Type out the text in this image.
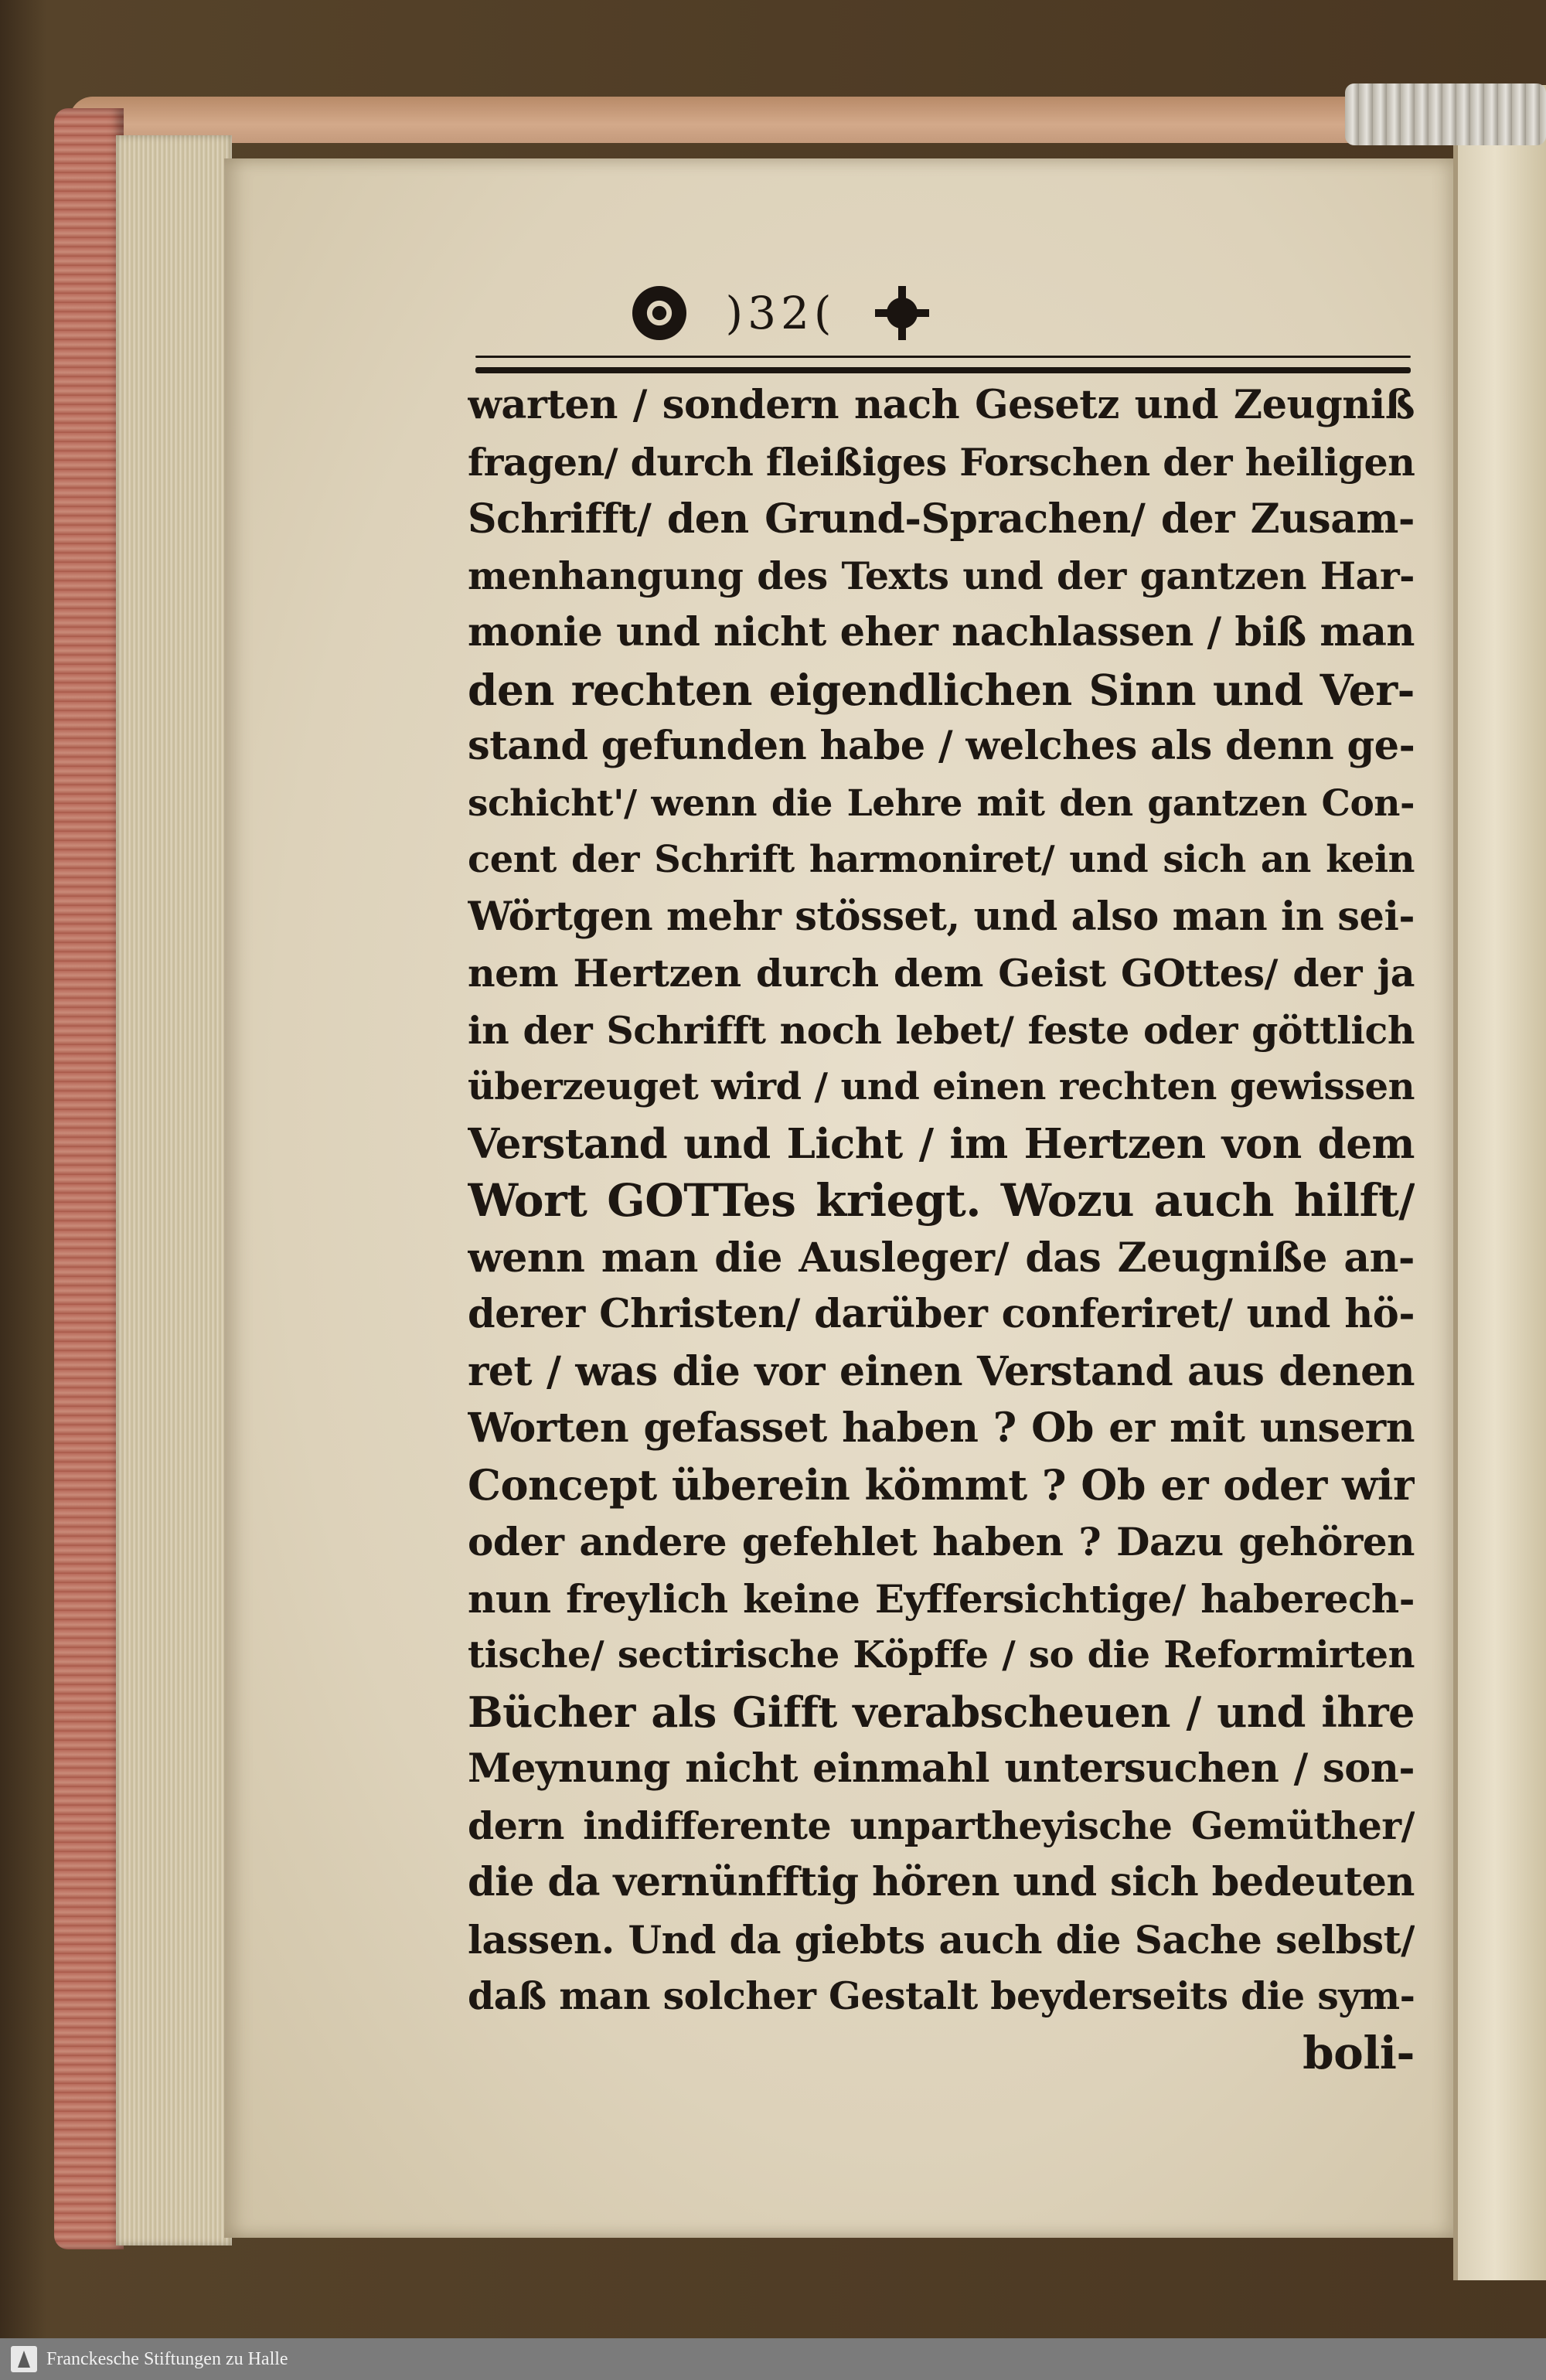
)32(
warten / sondern nach Gesetz und Zeugniß
fragen/ durch fleißiges Forschen der heiligen
Schrifft/ den Grund-Sprachen/ der Zusam-
menhangung des Texts und der gantzen Har-
monie und nicht eher nachlassen / biß man
den rechten eigendlichen Sinn und Ver-
stand gefunden habe / welches als denn ge-
schicht'/ wenn die Lehre mit den gantzen Con-
cent der Schrift harmoniret/ und sich an kein
Wörtgen mehr stösset, und also man in sei-
nem Hertzen durch dem Geist GOttes/ der ja
in der Schrifft noch lebet/ feste oder göttlich
überzeuget wird / und einen rechten gewissen
Verstand und Licht / im Hertzen von dem
Wort GOTTes kriegt. Wozu auch hilft/
wenn man die Ausleger/ das Zeugniße an-
derer Christen/ darüber conferiret/ und hö-
ret / was die vor einen Verstand aus denen
Worten gefasset haben ? Ob er mit unsern
Concept überein kömmt ? Ob er oder wir
oder andere gefehlet haben ? Dazu gehören
nun freylich keine Eyffersichtige/ haberech-
tische/ sectirische Köpffe / so die Reformirten
Bücher als Gifft verabscheuen / und ihre
Meynung nicht einmahl untersuchen / son-
dern indifferente unpartheyische Gemüther/
die da vernünfftig hören und sich bedeuten
lassen. Und da giebts auch die Sache selbst/
daß man solcher Gestalt beyderseits die sym-
boli-
Franckesche Stiftungen zu Halle
